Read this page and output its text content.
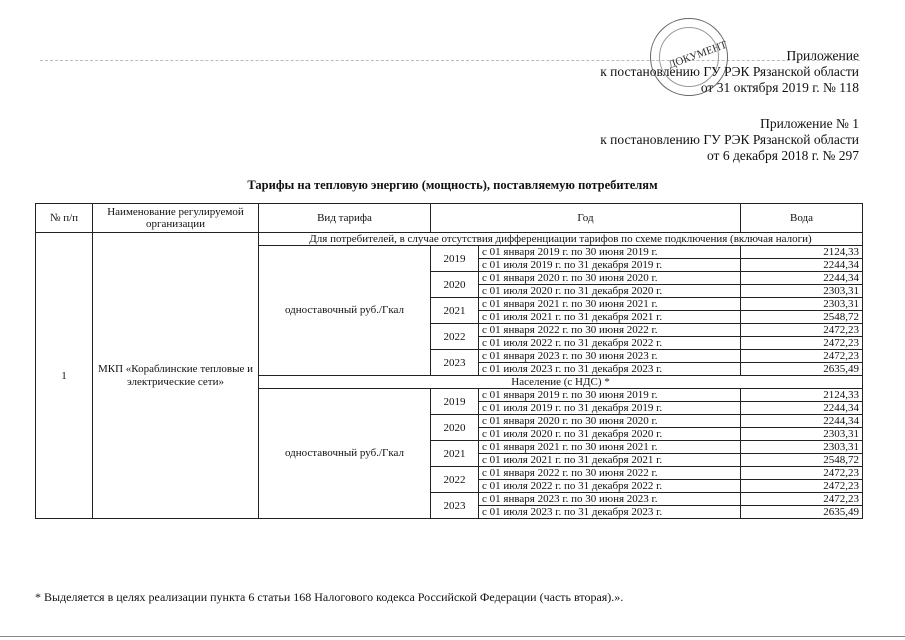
ДОКУМЕНТ	Приложение
к постановлению ГУ РЭК Рязанской области
от 31 октября 2019 г. № 118
Приложение № 1
к постановлению ГУ РЭК Рязанской области
от 6 декабря 2018 г. № 297
Тарифы на тепловую энергию (мощность), поставляемую потребителям
№ п/п	Наименование регулируемой организации	Вид тарифа	Год		Вода
1	МКП «Кораблинские тепловые и электрические сети»	Для потребителей, в случае отсутствия дифференциации тарифов по схеме подключения (включая налоги)			
		одноставочный руб./Гкал	2019	с 01 января 2019 г. по 30 июня 2019 г.	2124,33
				с 01 июля 2019 г. по 31 декабря 2019 г.	2244,34
			2020	с 01 января 2020 г. по 30 июня 2020 г.	2244,34
				с 01 июля 2020 г. по 31 декабря 2020 г.	2303,31
			2021	с 01 января 2021 г. по 30 июня 2021 г.	2303,31
				с 01 июля 2021 г. по 31 декабря 2021 г.	2548,72
			2022	с 01 января 2022 г. по 30 июня 2022 г.	2472,23
				с 01 июля 2022 г. по 31 декабря 2022 г.	2472,23
			2023	с 01 января 2023 г. по 30 июня 2023 г.	2472,23
				с 01 июля 2023 г. по 31 декабря 2023 г.	2635,49
		Население (с НДС) *			
		одноставочный руб./Гкал	2019	с 01 января 2019 г. по 30 июня 2019 г.	2124,33
				с 01 июля 2019 г. по 31 декабря 2019 г.	2244,34
			2020	с 01 января 2020 г. по 30 июня 2020 г.	2244,34
				с 01 июля 2020 г. по 31 декабря 2020 г.	2303,31
			2021	с 01 января 2021 г. по 30 июня 2021 г.	2303,31
				с 01 июля 2021 г. по 31 декабря 2021 г.	2548,72
			2022	с 01 января 2022 г. по 30 июня 2022 г.	2472,23
				с 01 июля 2022 г. по 31 декабря 2022 г.	2472,23
			2023	с 01 января 2023 г. по 30 июня 2023 г.	2472,23
				с 01 июля 2023 г. по 31 декабря 2023 г.	2635,49
* Выделяется в целях реализации пункта 6 статьи 168 Налогового кодекса Российской Федерации (часть вторая).».
